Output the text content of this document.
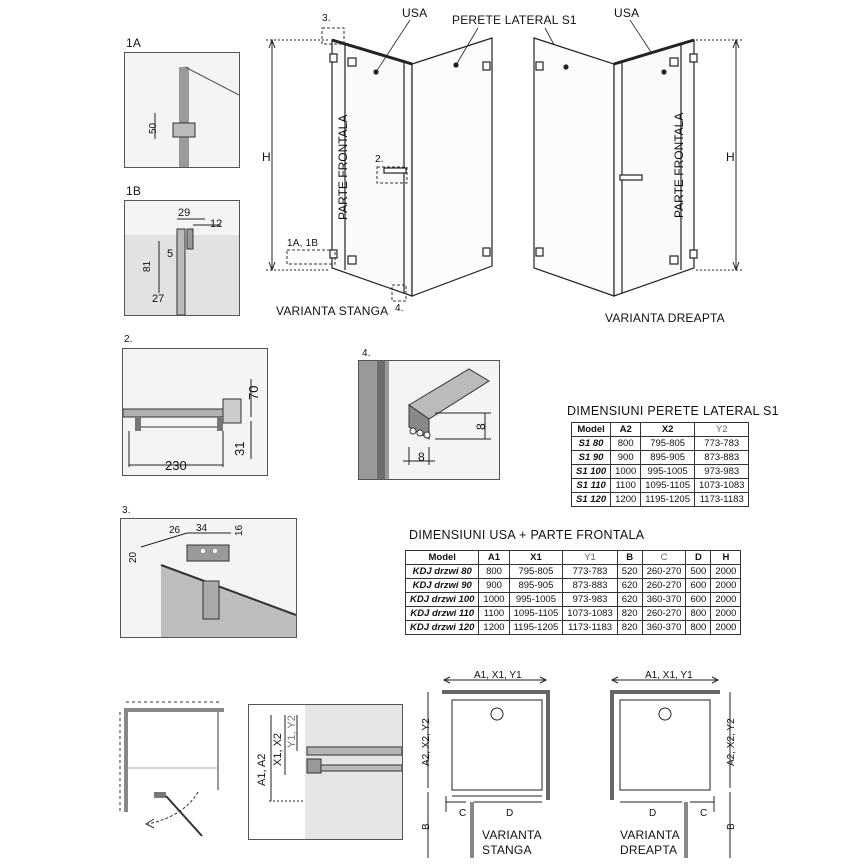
USA PERETE LATERAL S1	USA
3.
2.
1A, 1B
4.
H	H
PARTE FRONTALA	PARTE FRONTALA
VARIANTA STANGA	VARIANTA DREAPTA
1A
50
1B
29
12
81
5
27
2.
70
31
230
4.
8
8
DIMENSIUNI PERETE LATERAL S1
Model	A2	X2	Y2
S1 80	800	795-805	773-783
S1 90	900	895-905	873-883
S1 100	1000	995-1005	973-983
S1 110	1100	1095-1105	1073-1083
S1 120	1200	1195-1205	1173-1183
3.
26 34	16
20
DIMENSIUNI USA + PARTE FRONTALA
Model	A1	X1	Y1	B	C	D	H
KDJ drzwi 80	800	795-805	773-783	520	260-270	500	2000
KDJ drzwi 90	900	895-905	873-883	620	260-270	600	2000
KDJ drzwi 100	1000	995-1005	973-983	620	360-370	600	2000
KDJ drzwi 110	1100	1095-1105	1073-1083	820	260-270	800	2000
KDJ drzwi 120	1200	1195-1205	1173-1183	820	360-370	800	2000
A1, A2
X1, X2
Y1, Y2
A1, X1, Y1
A2, X2, Y2
B
C	D
VARIANTA
STANGA
A1, X1, Y1
A2, X2, Y2
B
C
D
VARIANTA
DREAPTA
